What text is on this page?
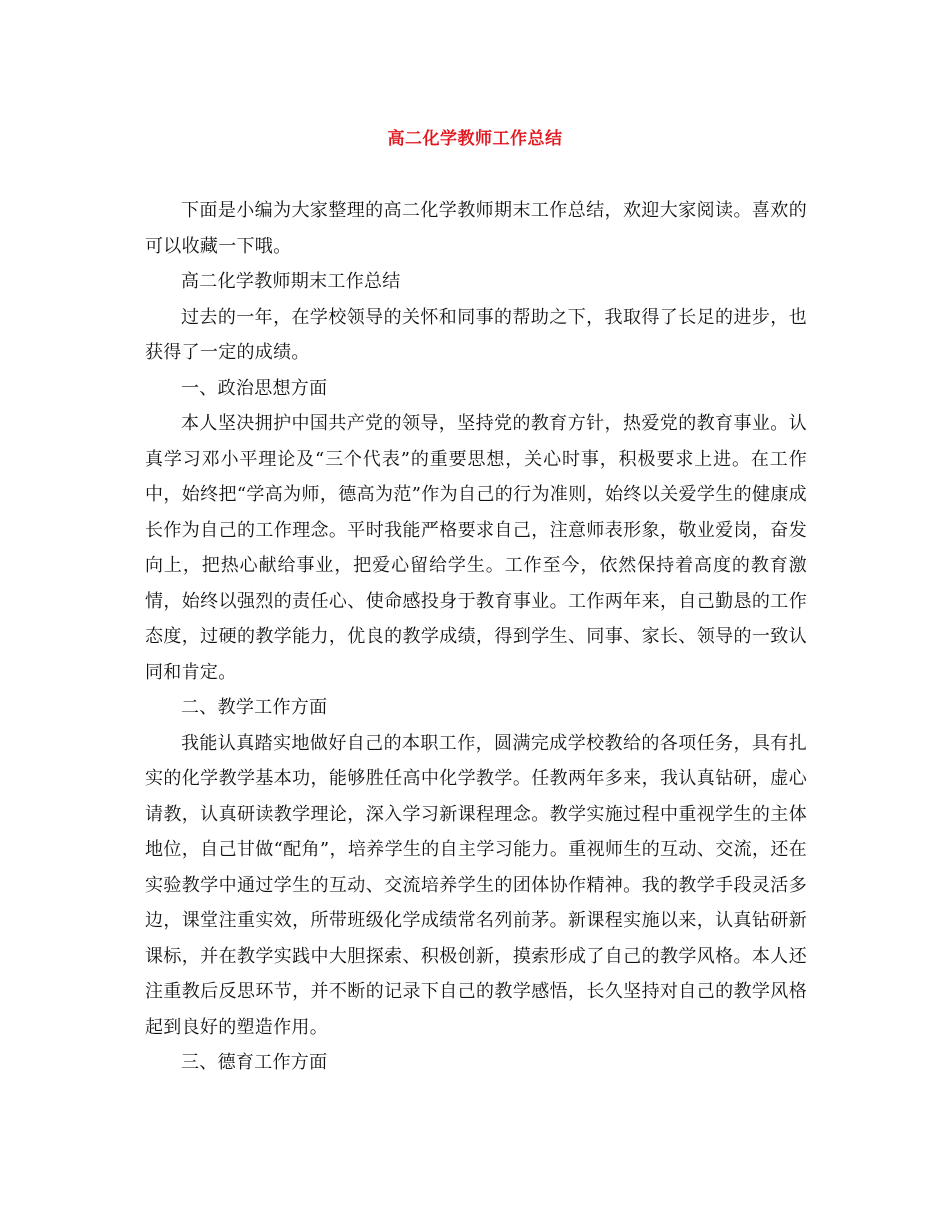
高二化学教师工作总结

下面是小编为大家整理的高二化学教师期末工作总结，欢迎大家阅读。喜欢的可以收藏一下哦。

高二化学教师期末工作总结

过去的一年，在学校领导的关怀和同事的帮助之下，我取得了长足的进步，也获得了一定的成绩。

一、政治思想方面

本人坚决拥护中国共产党的领导，坚持党的教育方针，热爱党的教育事业。认真学习邓小平理论及“三个代表”的重要思想，关心时事，积极要求上进。在工作中，始终把“学高为师，德高为范”作为自己的行为准则，始终以关爱学生的健康成长作为自己的工作理念。平时我能严格要求自己，注意师表形象，敬业爱岗，奋发向上，把热心献给事业，把爱心留给学生。工作至今，依然保持着高度的教育激情，始终以强烈的责任心、使命感投身于教育事业。工作两年来，自己勤恳的工作态度，过硬的教学能力，优良的教学成绩，得到学生、同事、家长、领导的一致认同和肯定。

二、教学工作方面

我能认真踏实地做好自己的本职工作，圆满完成学校教给的各项任务，具有扎实的化学教学基本功，能够胜任高中化学教学。任教两年多来，我认真钻研，虚心请教，认真研读教学理论，深入学习新课程理念。教学实施过程中重视学生的主体地位，自己甘做“配角”，培养学生的自主学习能力。重视师生的互动、交流，还在实验教学中通过学生的互动、交流培养学生的团体协作精神。我的教学手段灵活多边，课堂注重实效，所带班级化学成绩常名列前茅。新课程实施以来，认真钻研新课标，并在教学实践中大胆探索、积极创新，摸索形成了自己的教学风格。本人还注重教后反思环节，并不断的记录下自己的教学感悟，长久坚持对自己的教学风格起到良好的塑造作用。

三、德育工作方面
